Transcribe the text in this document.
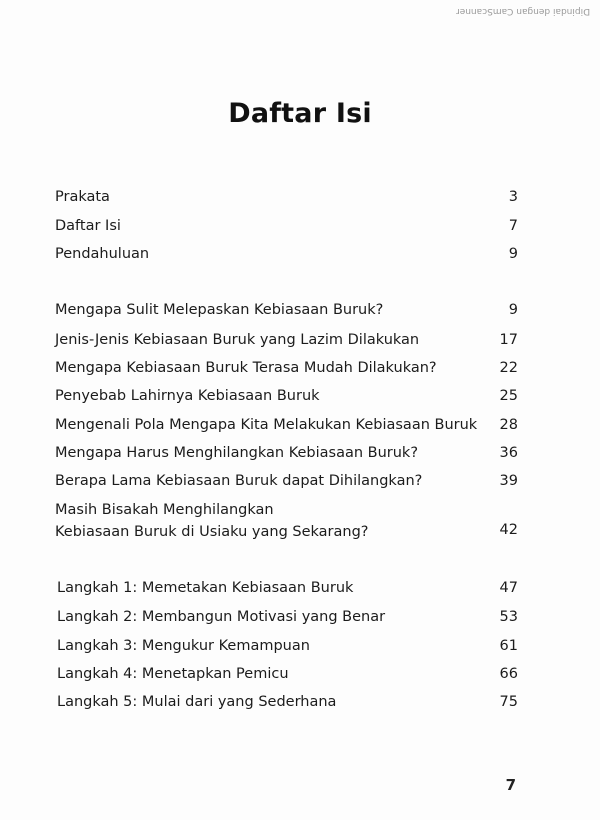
Dipindai dengan CamScanner
Daftar Isi
Prakata	3
Daftar Isi	7
Pendahuluan	9
Mengapa Sulit Melepaskan Kebiasaan Buruk?	9
Jenis-Jenis Kebiasaan Buruk yang Lazim Dilakukan	17
Mengapa Kebiasaan Buruk Terasa Mudah Dilakukan?	22
Penyebab Lahirnya Kebiasaan Buruk	25
Mengenali Pola Mengapa Kita Melakukan Kebiasaan Buruk 28
Mengapa Harus Menghilangkan Kebiasaan Buruk?	36
Berapa Lama Kebiasaan Buruk dapat Dihilangkan?	39
Masih Bisakah Menghilangkan
Kebiasaan Buruk di Usiaku yang Sekarang?	42
Langkah 1: Memetakan Kebiasaan Buruk	47
Langkah 2: Membangun Motivasi yang Benar	53
Langkah 3: Mengukur Kemampuan	61
Langkah 4: Menetapkan Pemicu	66
Langkah 5: Mulai dari yang Sederhana	75
7
